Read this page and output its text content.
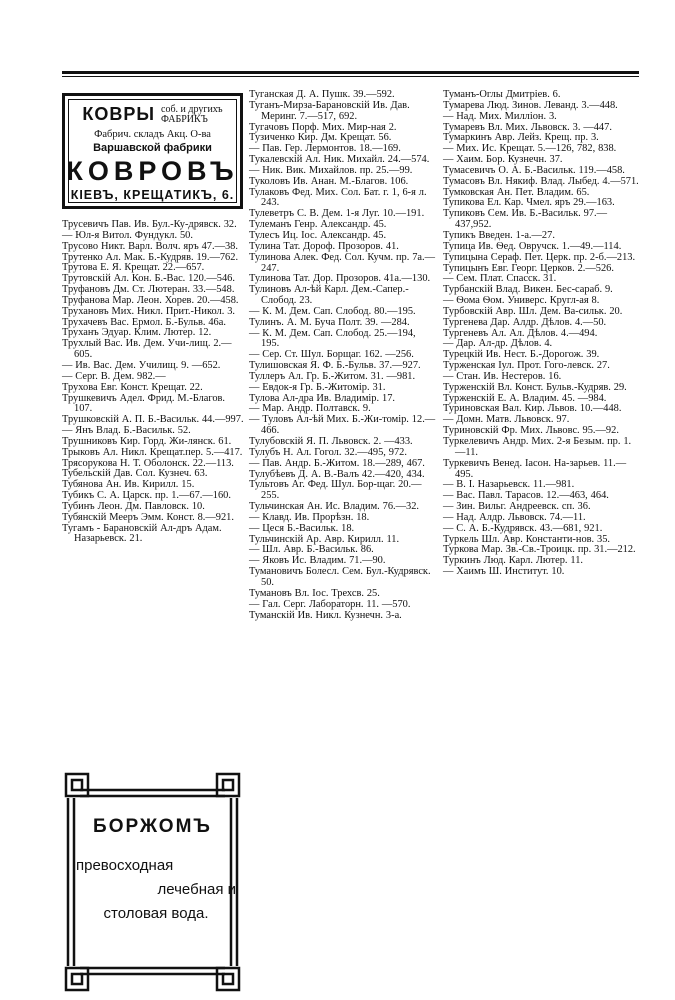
КОВРЫ соб. и другихъ
ФАБРИКЪ
Фабрич. складъ Акц. О-ва
Варшавской фабрики
КОВРОВЪ
КIЕВЪ, КРЕЩАТИКЪ, 6.
Трусевичъ Пав. Ив. Бул.-Ку-дрявск. 32.
— Юл-я Витол. Фундукл. 50.
Трусово Никт. Варл. Волч. яръ 47.—38.
Трутенко Ал. Мак. Б.-Кудряв. 19.—762.
Трутова Е. Я. Крещат. 22.—657.
Трутовскiй Ал. Кон. Б.-Вас. 120.—546.
Труфановъ Дм. Ст. Лютеран. 33.—548.
Труфанова Мар. Леон. Хорев. 20.—458.
Трухановъ Мих. Никл. Прит.-Никол. 3.
Трухачевъ Вас. Ермол. Б.-Бульв. 46а.
Труханъ Эдуар. Клим. Лютер. 12.
Трухлый Вас. Ив. Дем. Учи-лищ. 2.—605.
— Ив. Вас. Дем. Училищ. 9. —652.
— Серг. В. Дем. 982.—
Трухова Евг. Конст. Крещат. 22.
Трушкевичъ Адел. Фрид. М.-Благов. 107.
Трушковскiй А. П. Б.-Васильк. 44.—997.
— Янъ Влад. Б.-Васильк. 52.
Трушниковъ Кир. Горд. Жи-лянск. 61.
Трыковъ Ал. Никл. Крещат.пер. 5.—417.
Трясорукова Н. Т. Оболонск. 22.—113.
Тубельскiй Дав. Сол. Кузнеч. 63.
Тубянова Ан. Ив. Кирилл. 15.
Тубикъ С. А. Царск. пр. 1.—67.—160.
Тубинъ Леон. Дм. Павловск. 10.
Тубянскiй Мееръ Эмм. Конст. 8.—921.
Тугамъ - Барановскiй Ал-дръ Адам. Назарьевск. 21.
БОРЖОМЪ
превосходная
лечебная и
столовая вода.
Туганская Д. А. Пушк. 39.—592.
Туганъ-Мирза-Барановскiй Ив. Дав. Меринг. 7.—517, 692.
Тугачовъ Порф. Мих. Мир-ная 2.
Тузиченко Кир. Дм. Крещат. 56.
— Пав. Гер. Лермонтов. 18.—169.
Тукалевскiй Ал. Ник. Михайл. 24.—574.
— Ник. Вик. Михайлов. пр. 25.—99.
Туколовъ Ив. Анан. М.-Благов. 106.
Тулаковъ Фед. Мих. Сол. Бат. г. 1, 6-я л. 243.
Тулеветръ С. В. Дем. 1-я Луг. 10.—191.
Тулеманъ Генр. Александр. 45.
Тулесъ Иц. Іос. Александр. 45.
Тулина Тат. Дороф. Прозоров. 41.
Тулинова Алек. Фед. Сол. Кучм. пр. 7а.—247.
Тулинова Тат. Дор. Прозоров. 41а.—130.
Тулиновъ Ал-ѣй Карл. Дем.-Сапер.-Слобод. 23.
— К. М. Дем. Сап. Слобод. 80.—195.
Тулинъ. А. М. Буча Полт. 39. —284.
— К. М. Дем. Сап. Слобод. 25.—194, 195.
— Сер. Ст. Шул. Борщаг. 162. —256.
Тулишовская Я. Ф. Б.-Бульв. 37.—927.
Туллеръ Ал. Гр. Б.-Житом. 31. —981.
— Евдок-я Гр. Б.-Житомiр. 31.
Тулова Ал-дра Ив. Владимiр. 17.
— Мар. Андр. Полтавск. 9.
— Туловъ Ал-ѣй Мих. Б.-Жи-томiр. 12.—466.
Тулубовскiй Я. П. Львовск. 2. —433.
Тулубъ Н. Ал. Гогол. 32.—495, 972.
— Пав. Андр. Б.-Житом. 18.—289, 467.
Тулубѣевъ Д. А. В.-Валъ 42.—420, 434.
Тультовъ Аг. Фед. Шул. Бор-щаг. 20.—255.
Тульчинская Ан. Ис. Владим. 76.—32.
— Клавд. Ив. Прорѣзн. 18.
— Цеся Б.-Васильк. 18.
Тульчинскiй Ар. Авр. Кирилл. 11.
— Шл. Авр. Б.-Васильк. 86.
— Яковъ Ис. Владим. 71.—90.
Тумановичъ Болесл. Сем. Бул.-Кудрявск. 50.
Тумановъ Вл. Іос. Трехсв. 25.
— Гал. Серг. Лабораторн. 11. —570.
Туманскiй Ив. Никл. Кузнечн. 3-а.
Туманъ-Оглы Дмитрiев. 6.
Тумарева Люд. Зинов. Леванд. 3.—448.
— Над. Мих. Миллiон. 3.
Тумаревъ Вл. Мих. Львовск. 3. —447.
Тумаркинъ Авр. Лейз. Крещ. пр. 3.
— Мих. Ис. Крещат. 5.—126, 782, 838.
— Хаим. Бор. Кузнечн. 37.
Тумасевичъ О. А. Б.-Васильк. 119.—458.
Тумасовъ Вл. Някиф. Влад. Лыбед. 4.—571.
Тумковская Ан. Пет. Владим. 65.
Тупикова Ел. Кар. Чмел. яръ 29.—163.
Тупиковъ Сем. Ив. Б.-Васильк. 97.—437,952.
Тупикъ Введен. 1-а.—27.
Тупица Ив. Ѳед. Овручск. 1.—49.—114.
Тупицына Сераф. Пет. Церк. пр. 2-б.—213.
Тупицынъ Евг. Георг. Церков. 2.—526.
— Сем. Плат. Спасск. 31.
Турбанскiй Влад. Викен. Бес-сараб. 9.
— Ѳома Ѳом. Универс. Кругл-ая 8.
Турбовскiй Авр. Шл. Дем. Ва-сильк. 20.
Тургенева Дар. Алдр. Дѣлов. 4.—50.
Тургеневъ Ал. Ал. Дѣлов. 4.—494.
— Дар. Ал-др. Дѣлов. 4.
Турецкiй Ив. Нест. Б.-Дорогож. 39.
Турженская Іул. Прот. Гого-левск. 27.
— Стан. Ив. Нестеров. 16.
Турженскiй Вл. Конст. Бульв.-Кудряв. 29.
Турженскiй Е. А. Владим. 45. —984.
Туриновская Вал. Кир. Львов. 10.—448.
— Домн. Матв. Львовск. 97.
Туриновскiй Фр. Мих. Львовс. 95.—92.
Туркелевичъ Андр. Мих. 2-я Безым. пр. 1.—11.
Туркевичъ Венед. Іасон. На-зарьев. 11.—495.
— В. І. Назарьевск. 11.—981.
— Вас. Павл. Тарасов. 12.—463, 464.
— Зин. Вильг. Андреевск. сп. 36.
— Над. Алдр. Львовск. 74.—11.
— С. А. Б.-Кудрявск. 43.—681, 921.
Туркель Шл. Авр. Константи-нов. 35.
Туркова Мар. Зв.-Св.-Троицк. пр. 31.—212.
Туркинъ Люд. Карл. Лютер. 11.
— Хаимъ Ш. Институт. 10.
